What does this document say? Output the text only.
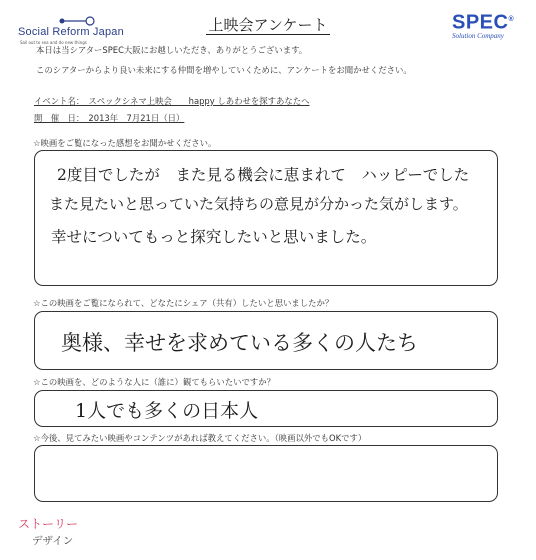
Social Reform Japan
Sail out to sea and do new things
上映会アンケート	SPEC®
Solution Company
本日は当シアターSPEC大阪にお越しいただき、ありがとうございます。
このシアターからより良い未来にする仲間を増やしていくために、アンケートをお聞かせください。
イベント名：　スペックシネマ上映会　　happy しあわせを探すあなたへ
開　催　日：　2013年　7月21日（日）
☆映画をご覧になった感想をお聞かせください。
2度目でしたが　また見る機会に恵まれて　ハッピーでした
また見たいと思っていた気持ちの意見が分かった気がします。
幸せについてもっと探究したいと思いました。
☆この映画をご覧になられて、どなたにシェア（共有）したいと思いましたか？
奥様、幸せを求めている多くの人たち
☆この映画を、どのような人に（誰に）観てもらいたいですか？
1人でも多くの日本人
☆今後、見てみたい映画やコンテンツがあれば教えてください。（映画以外でもOKです）
ストーリー
デザイン
